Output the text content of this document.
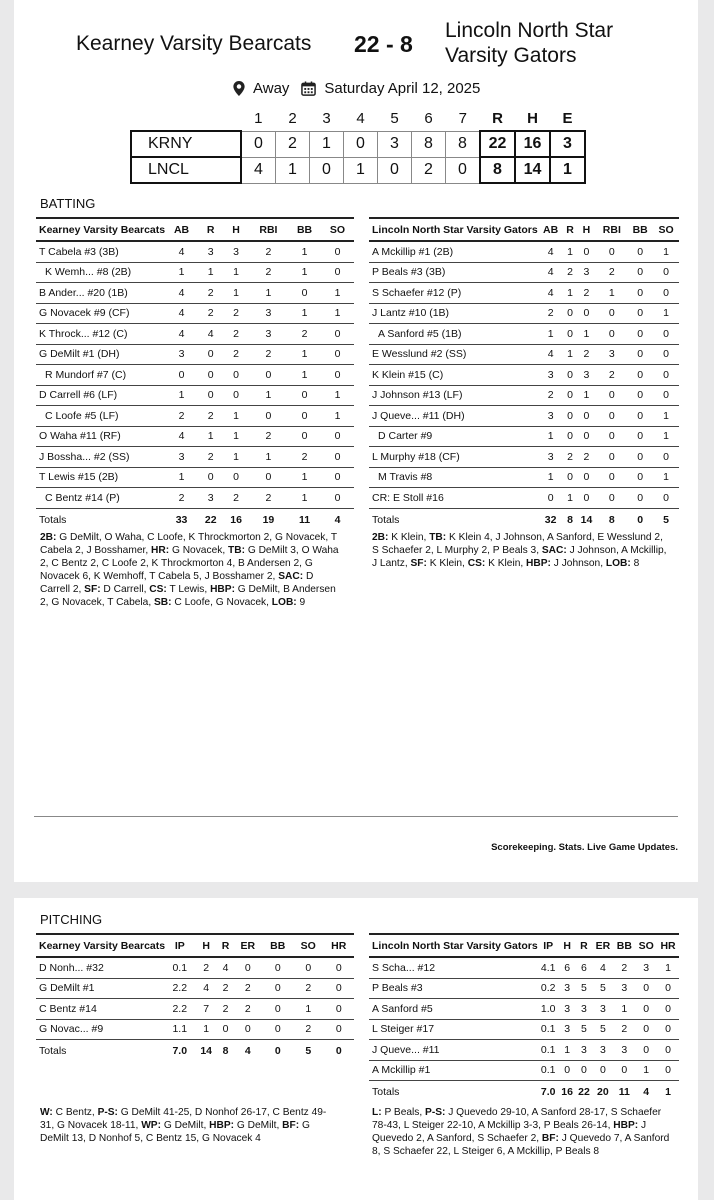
Kearney Varsity Bearcats 22 - 8
Lincoln North Star
Varsity Gators
Away Saturday April 12, 2025
	1	2	3	4	5	6	7	R	H	E
KRNY	0	2	1	0	3	8	8	22	16	3
LNCL	4	1	0	1	0	2	0	8	14	1
BATTING
Kearney Varsity Bearcats	AB	R	H	RBI	BB	SO
T Cabela #3 (3B)	4	3	3	2	1	0
K Wemh... #8 (2B)	1	1	1	2	1	0
B Ander... #20 (1B)	4	2	1	1	0	1
G Novacek #9 (CF)	4	2	2	3	1	1
K Throck... #12 (C)	4	4	2	3	2	0
G DeMilt #1 (DH)	3	0	2	2	1	0
R Mundorf #7 (C)	0	0	0	0	1	0
D Carrell #6 (LF)	1	0	0	1	0	1
C Loofe #5 (LF)	2	2	1	0	0	1
O Waha #11 (RF)	4	1	1	2	0	0
J Bossha... #2 (SS)	3	2	1	1	2	0
T Lewis #15 (2B)	1	0	0	0	1	0
C Bentz #14 (P)	2	3	2	2	1	0
Totals	33	22	16	19	11	4
Lincoln North Star Varsity Gators	AB	R	H	RBI	BB	SO
A Mckillip #1 (2B)	4	1	0	0	0	1
P Beals #3 (3B)	4	2	3	2	0	0
S Schaefer #12 (P)	4	1	2	1	0	0
J Lantz #10 (1B)	2	0	0	0	0	1
A Sanford #5 (1B)	1	0	1	0	0	0
E Wesslund #2 (SS)	4	1	2	3	0	0
K Klein #15 (C)	3	0	3	2	0	0
J Johnson #13 (LF)	2	0	1	0	0	0
J Queve... #11 (DH)	3	0	0	0	0	1
D Carter #9	1	0	0	0	0	1
L Murphy #18 (CF)	3	2	2	0	0	0
M Travis #8	1	0	0	0	0	1
CR: E Stoll #16	0	1	0	0	0	0
Totals	32	8	14	8	0	5
2B: G DeMilt, O Waha, C Loofe, K Throckmorton 2, G Novacek, T Cabela 2, J Bosshamer, HR: G Novacek, TB: G DeMilt 3, O Waha 2, C Bentz 2, C Loofe 2, K Throckmorton 4, B Andersen 2, G Novacek 6, K Wemhoff, T Cabela 5, J Bosshamer 2, SAC: D Carrell 2, SF: D Carrell, CS: T Lewis, HBP: G DeMilt, B Andersen 2, G Novacek, T Cabela, SB: C Loofe, G Novacek, LOB: 9
2B: K Klein, TB: K Klein 4, J Johnson, A Sanford, E Wesslund 2, S Schaefer 2, L Murphy 2, P Beals 3, SAC: J Johnson, A Mckillip, J Lantz, SF: K Klein, CS: K Klein, HBP: J Johnson, LOB: 8
Scorekeeping. Stats. Live Game Updates.
PITCHING
Kearney Varsity Bearcats	IP	H	R	ER	BB	SO	HR
D Nonh... #32	0.1	2	4	0	0	0	0
G DeMilt #1	2.2	4	2	2	0	2	0
C Bentz #14	2.2	7	2	2	0	1	0
G Novac... #9	1.1	1	0	0	0	2	0
Totals	7.0	14	8	4	0	5	0
Lincoln North Star Varsity Gators	IP	H	R	ER	BB	SO	HR
S Scha... #12	4.1	6	6	4	2	3	1
P Beals #3	0.2	3	5	5	3	0	0
A Sanford #5	1.0	3	3	3	1	0	0
L Steiger #17	0.1	3	5	5	2	0	0
J Queve... #11	0.1	1	3	3	3	0	0
A Mckillip #1	0.1	0	0	0	0	1	0
Totals	7.0	16	22	20	11	4	1
W: C Bentz, P-S: G DeMilt 41-25, D Nonhof 26-17, C Bentz 49-31, G Novacek 18-11, WP: G DeMilt, HBP: G DeMilt, BF: G DeMilt 13, D Nonhof 5, C Bentz 15, G Novacek 4
L: P Beals, P-S: J Quevedo 29-10, A Sanford 28-17, S Schaefer 78-43, L Steiger 22-10, A Mckillip 3-3, P Beals 26-14, HBP: J Quevedo 2, A Sanford, S Schaefer 2, BF: J Quevedo 7, A Sanford 8, S Schaefer 22, L Steiger 6, A Mckillip, P Beals 8
